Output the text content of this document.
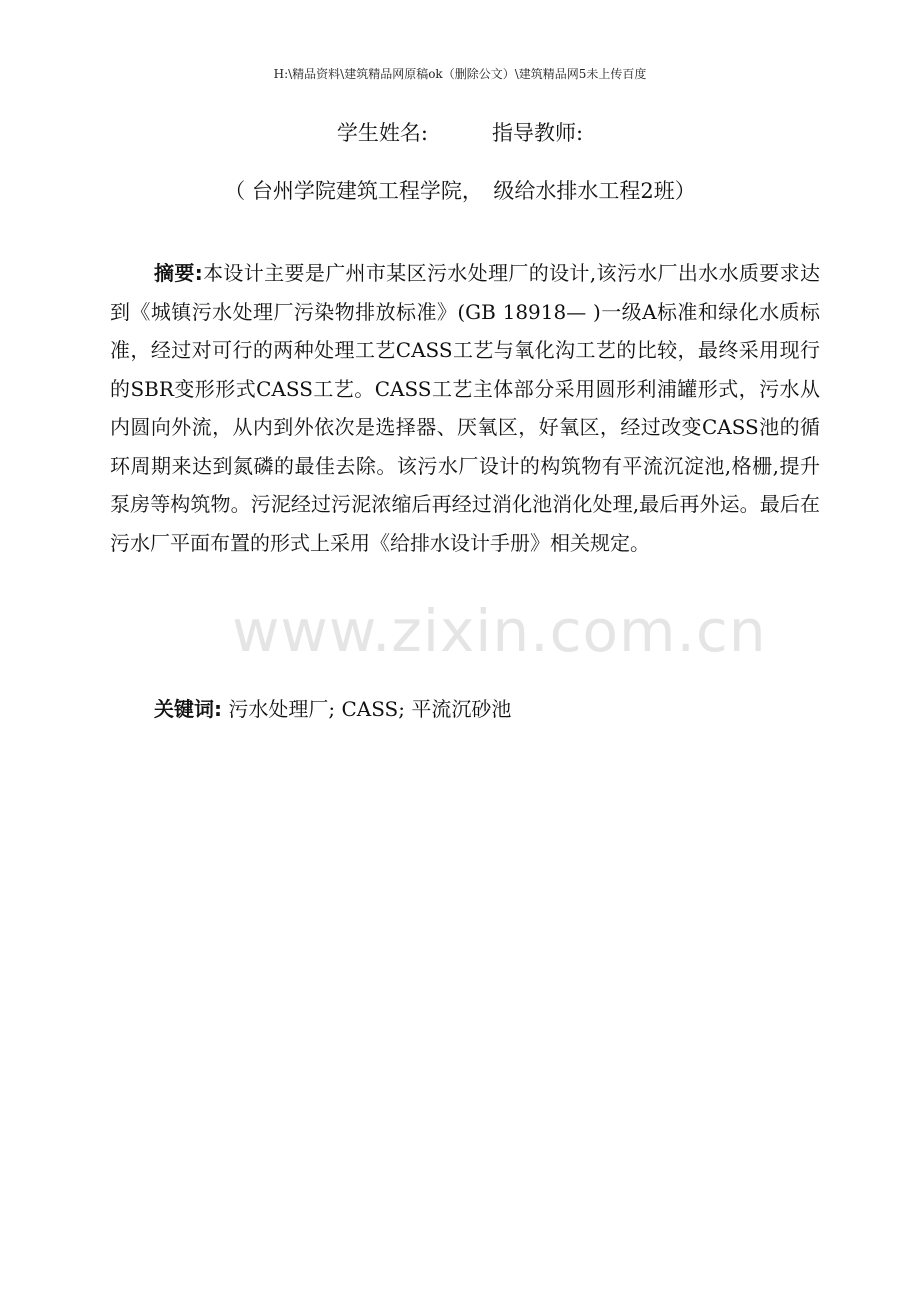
H:\精品资料\建筑精品网原稿ok（删除公文）\建筑精品网5未上传百度
学生姓名:	指导教师:
（ 台州学院建筑工程学院，　级给水排水工程2班）
摘要:本设计主要是广州市某区污水处理厂的设计,该污水厂出水水质要求达到《城镇污水处理厂污染物排放标准》(GB 18918— )一级A标准和绿化水质标准，经过对可行的两种处理工艺CASS工艺与氧化沟工艺的比较，最终采用现行的SBR变形形式CASS工艺。CASS工艺主体部分采用圆形利浦罐形式，污水从内圆向外流，从内到外依次是选择器、厌氧区，好氧区，经过改变CASS池的循环周期来达到氮磷的最佳去除。该污水厂设计的构筑物有平流沉淀池,格栅,提升泵房等构筑物。污泥经过污泥浓缩后再经过消化池消化处理,最后再外运。最后在污水厂平面布置的形式上采用《给排水设计手册》相关规定。
关键词: 污水处理厂; CASS; 平流沉砂池
www.zixin.com.cn
